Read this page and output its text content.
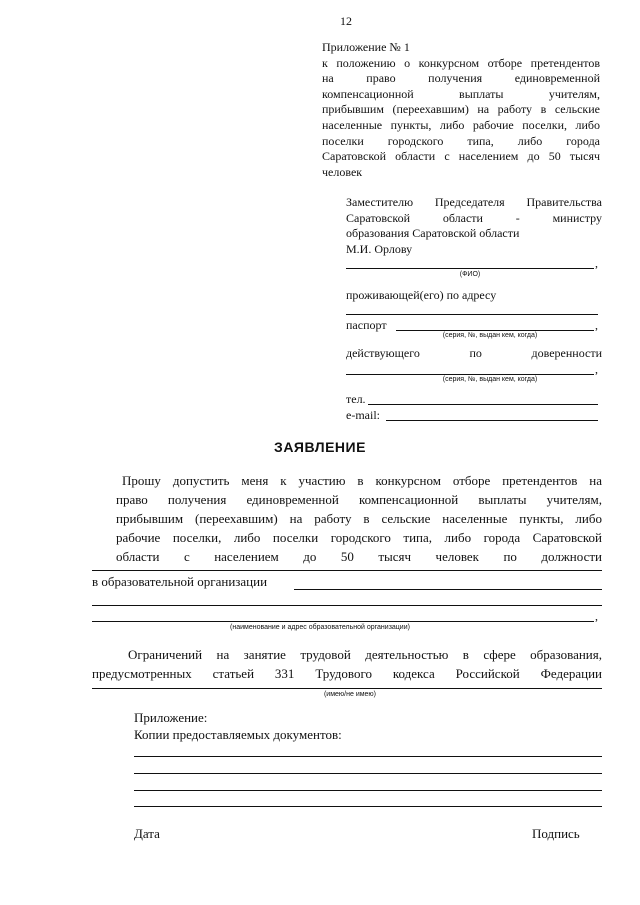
12
Приложение № 1
к положению о конкурсном отборе претендентов
на право получения единовременной
компенсационной выплаты учителям,
прибывшим (переехавшим) на работу в сельские
населенные пункты, либо рабочие поселки, либо
поселки городского типа, либо города
Саратовской области с населением до 50 тысяч
человек
Заместителю Председателя Правительства
Саратовской области - министру
образования Саратовской области
М.И. Орлову
,
(ФИО)
проживающей(его) по адресу
паспорт	,
(серия, №, выдан кем, когда)
действующего по доверенности
,
(серия, №, выдан кем, когда)
тел.
e-mail:
ЗАЯВЛЕНИЕ
Прошу допустить меня к участию в конкурсном отборе претендентов на
право получения единовременной компенсационной выплаты учителям,
прибывшим (переехавшим) на работу в сельские населенные пункты, либо
рабочие поселки, либо поселки городского типа, либо города Саратовской
области с населением до 50 тысяч человек по должности
в образовательной организации
,
(наименование и адрес образовательной организации)
Ограничений на занятие трудовой деятельностью в сфере образования,
предусмотренных статьей 331 Трудового кодекса Российской Федерации
(имею/не имею)
Приложение:
Копии предоставляемых документов:
Дата	Подпись
